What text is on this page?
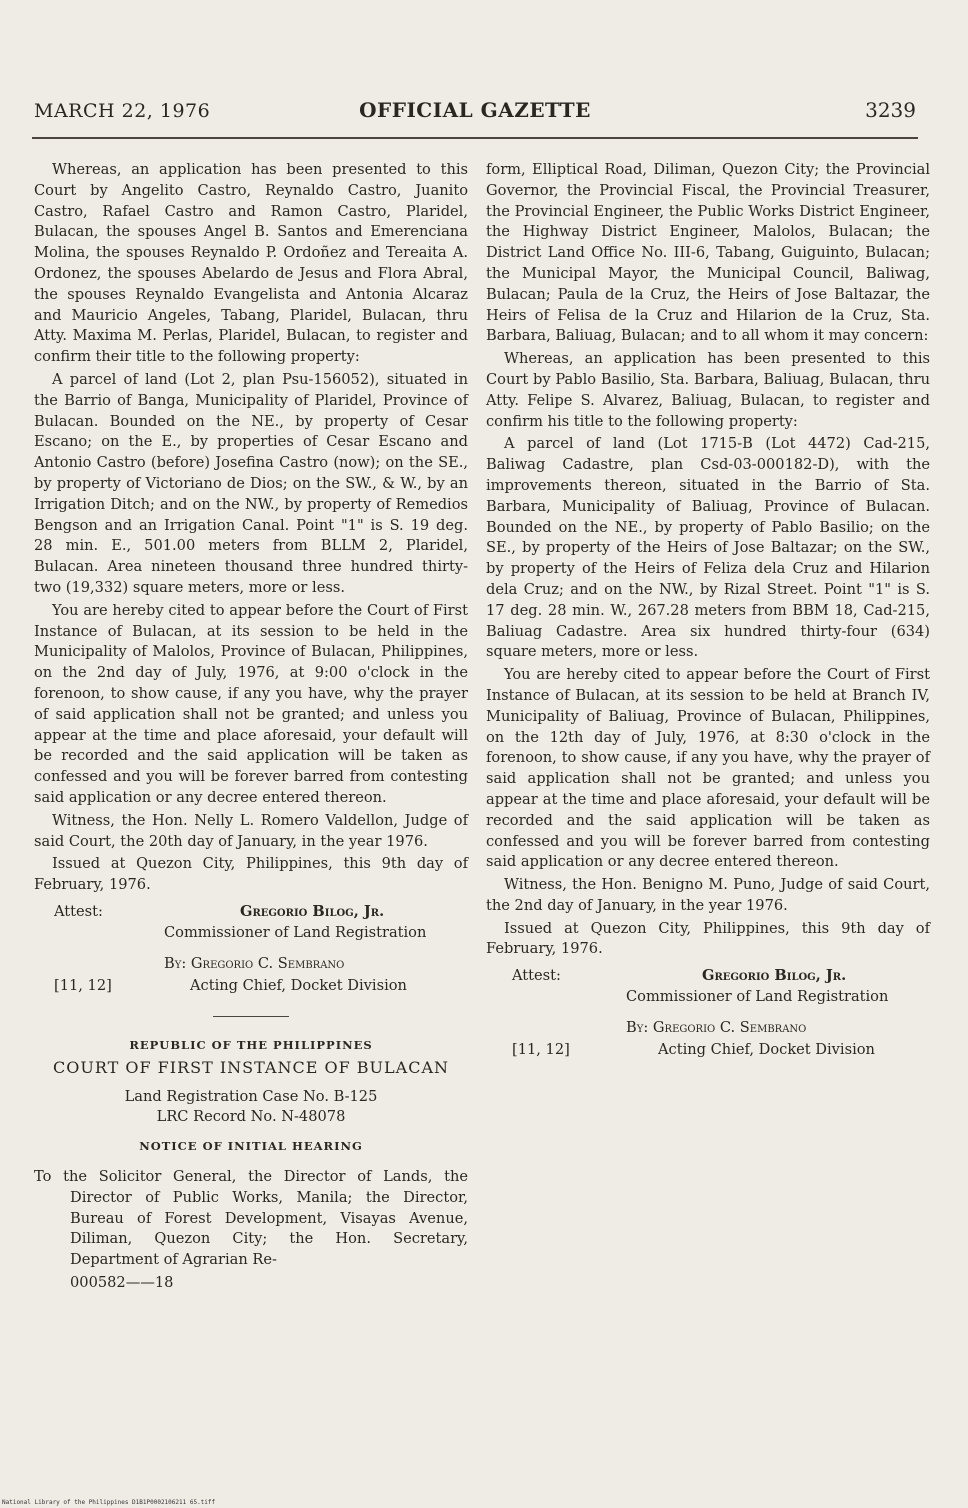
MARCH 22, 1976	OFFICIAL GAZETTE	3239

Whereas, an application has been presented to this Court by Angelito Castro, Reynaldo Castro, Juanito Castro, Rafael Castro and Ramon Castro, Plaridel, Bulacan, the spouses Angel B. Santos and Emerenciana Molina, the spouses Reynaldo P. Ordoñez and Tereaita A. Ordonez, the spouses Abelardo de Jesus and Flora Abral, the spouses Reynaldo Evangelista and Antonia Alcaraz and Mauricio Angeles, Tabang, Plaridel, Bulacan, thru Atty. Maxima M. Perlas, Plaridel, Bulacan, to register and confirm their title to the following property:

A parcel of land (Lot 2, plan Psu-156052), situated in the Barrio of Banga, Municipality of Plaridel, Province of Bulacan. Bounded on the NE., by property of Cesar Escano; on the E., by properties of Cesar Escano and Antonio Castro (before) Josefina Castro (now); on the SE., by property of Victoriano de Dios; on the SW., & W., by an Irrigation Ditch; and on the NW., by property of Remedios Bengson and an Irrigation Canal. Point "1" is S. 19 deg. 28 min. E., 501.00 meters from BLLM 2, Plaridel, Bulacan. Area nineteen thousand three hundred thirty-two (19,332) square meters, more or less.

You are hereby cited to appear before the Court of First Instance of Bulacan, at its session to be held in the Municipality of Malolos, Province of Bulacan, Philippines, on the 2nd day of July, 1976, at 9:00 o'clock in the forenoon, to show cause, if any you have, why the prayer of said application shall not be granted; and unless you appear at the time and place aforesaid, your default will be recorded and the said application will be taken as confessed and you will be forever barred from contesting said application or any decree entered thereon.

Witness, the Hon. Nelly L. Romero Valdellon, Judge of said Court, the 20th day of January, in the year 1976.

Issued at Quezon City, Philippines, this 9th day of February, 1976.

Attest:	Gregorio Bilog, Jr.
Commissioner of Land Registration
By: Gregorio C. Sembrano
[11, 12]	Acting Chief, Docket Division
REPUBLIC OF THE PHILIPPINES
COURT OF FIRST INSTANCE OF BULACAN
Land Registration Case No. B-125
LRC Record No. N-48078
NOTICE OF INITIAL HEARING

To the Solicitor General, the Director of Lands, the Director of Public Works, Manila; the Director, Bureau of Forest Development, Visayas Avenue, Diliman, Quezon City; the Hon. Secretary, Department of Agrarian Re-

000582——18

form, Elliptical Road, Diliman, Quezon City; the Provincial Governor, the Provincial Fiscal, the Provincial Treasurer, the Provincial Engineer, the Public Works District Engineer, the Highway District Engineer, Malolos, Bulacan; the District Land Office No. III-6, Tabang, Guiguinto, Bulacan; the Municipal Mayor, the Municipal Council, Baliwag, Bulacan; Paula de la Cruz, the Heirs of Jose Baltazar, the Heirs of Felisa de la Cruz and Hilarion de la Cruz, Sta. Barbara, Baliuag, Bulacan; and to all whom it may concern:

Whereas, an application has been presented to this Court by Pablo Basilio, Sta. Barbara, Baliuag, Bulacan, thru Atty. Felipe S. Alvarez, Baliuag, Bulacan, to register and confirm his title to the following property:

A parcel of land (Lot 1715-B (Lot 4472) Cad-215, Baliwag Cadastre, plan Csd-03-000182-D), with the improvements thereon, situated in the Barrio of Sta. Barbara, Municipality of Baliuag, Province of Bulacan. Bounded on the NE., by property of Pablo Basilio; on the SE., by property of the Heirs of Jose Baltazar; on the SW., by property of the Heirs of Feliza dela Cruz and Hilarion dela Cruz; and on the NW., by Rizal Street. Point "1" is S. 17 deg. 28 min. W., 267.28 meters from BBM 18, Cad-215, Baliuag Cadastre. Area six hundred thirty-four (634) square meters, more or less.

You are hereby cited to appear before the Court of First Instance of Bulacan, at its session to be held at Branch IV, Municipality of Baliuag, Province of Bulacan, Philippines, on the 12th day of July, 1976, at 8:30 o'clock in the forenoon, to show cause, if any you have, why the prayer of said application shall not be granted; and unless you appear at the time and place aforesaid, your default will be recorded and the said application will be taken as confessed and you will be forever barred from contesting said application or any decree entered thereon.

Witness, the Hon. Benigno M. Puno, Judge of said Court, the 2nd day of January, in the year 1976.

Issued at Quezon City, Philippines, this 9th day of February, 1976.

Attest:	Gregorio Bilog, Jr.
Commissioner of Land Registration
By: Gregorio C. Sembrano
[11, 12]	Acting Chief, Docket Division
National Library of the Philippines D1B1P0002106211 65.tiff
